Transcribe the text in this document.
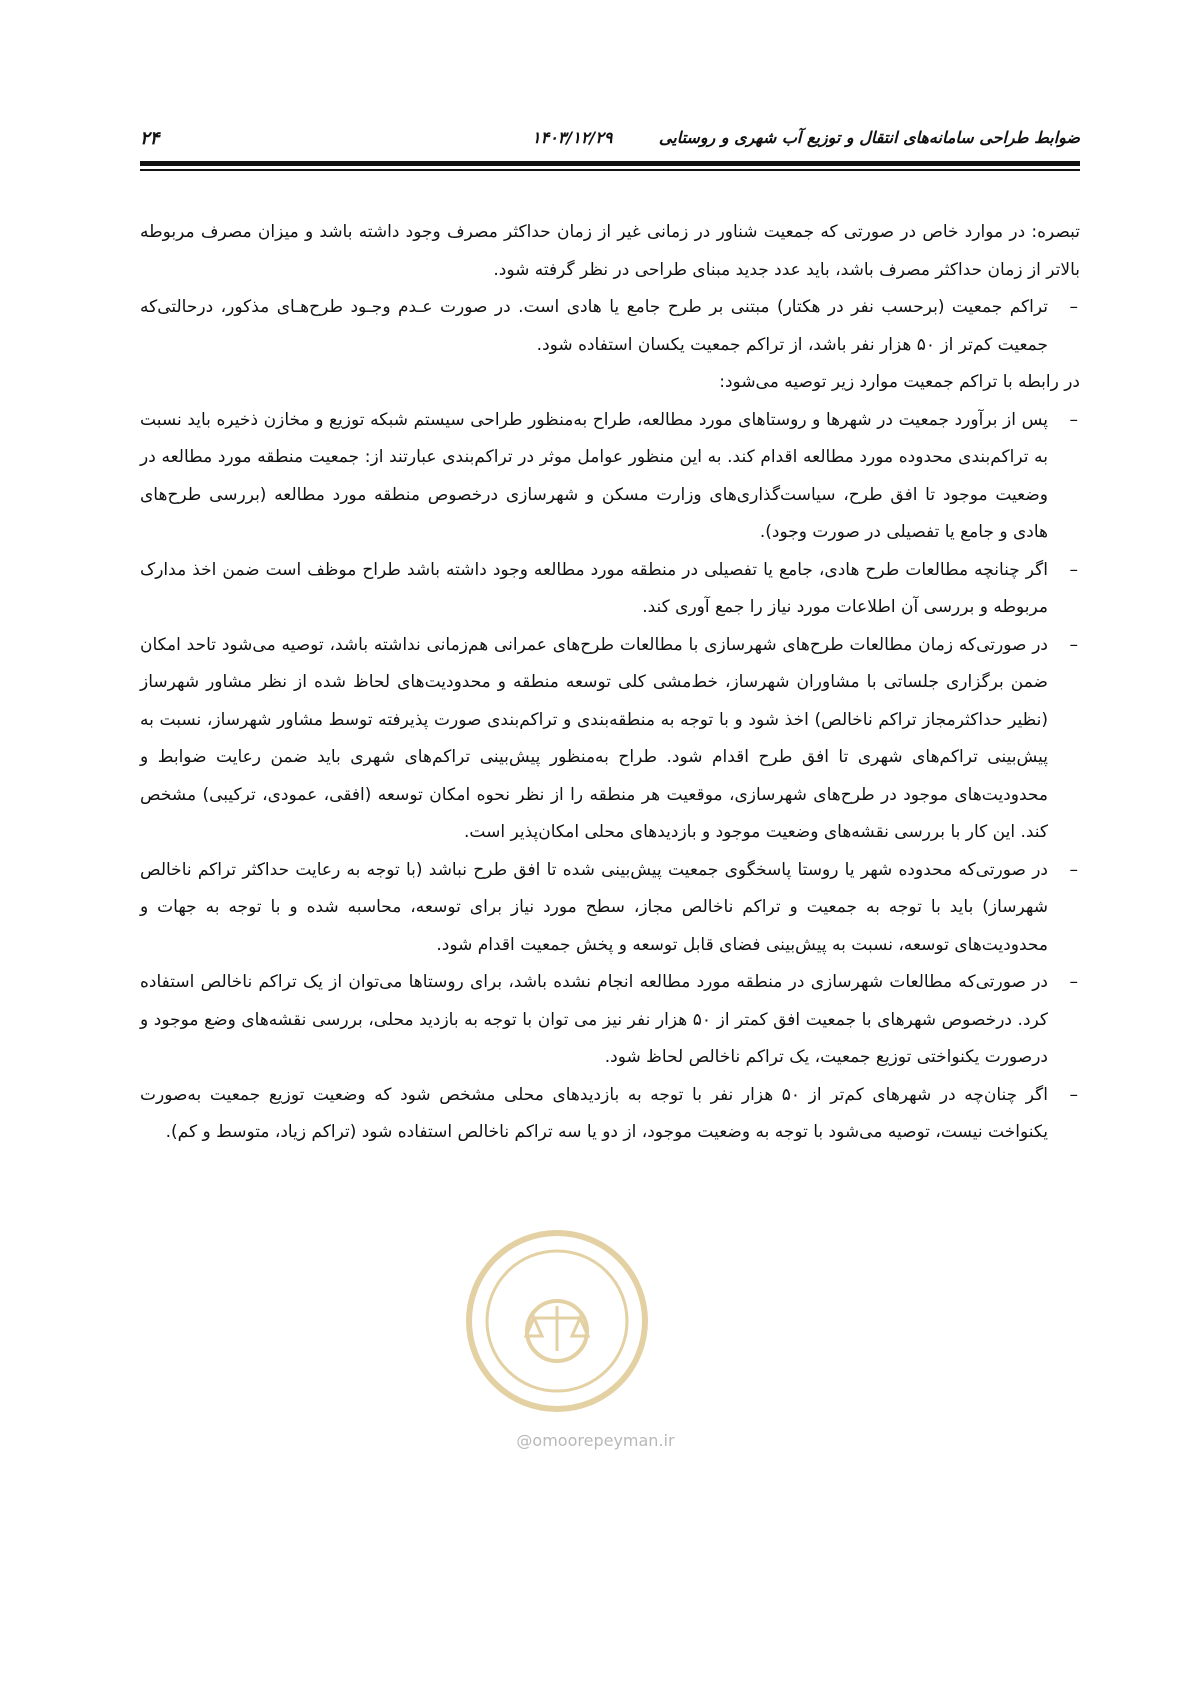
۲۴	۱۴۰۳/۱۲/۲۹	ضوابط طراحی سامانه‌های انتقال و توزیع آب شهری و روستایی

تبصره: در موارد خاص در صورتی که جمعیت شناور در زمانی غیر از زمان حداکثر مصرف وجود داشته باشد و میزان مصرف مربوطه بالاتر از زمان حداکثر مصرف باشد، باید عدد جدید مبنای طراحی در نظر گرفته شود.

–
تراکم جمعیت (برحسب نفر در هکتار) مبتنی بر طرح جامع یا هادی است. در صورت عـدم وجـود طرح‌هـای مذکور، درحالتی‌که جمعیت کم‌تر از ۵۰ هزار نفر باشد، از تراکم جمعیت یکسان استفاده شود.

در رابطه با تراکم جمعیت موارد زیر توصیه می‌شود:

–
پس از برآورد جمعیت در شهرها و روستاهای مورد مطالعه، طراح به‌منظور طراحی سیستم شبکه توزیع و مخازن ذخیره باید نسبت به تراکم‌بندی محدوده مورد مطالعه اقدام کند. به این منظور عوامل موثر در تراکم‌بندی عبارتند از: جمعیت منطقه مورد مطالعه در وضعیت موجود تا افق طرح، سیاست‌گذاری‌های وزارت مسکن و شهرسازی درخصوص منطقه مورد مطالعه (بررسی طرح‌های هادی و جامع یا تفصیلی در صورت وجود).
–
اگر چنانچه مطالعات طرح هادی، جامع یا تفصیلی در منطقه مورد مطالعه وجود داشته باشد طراح موظف است ضمن اخذ مدارک مربوطه و بررسی آن اطلاعات مورد نیاز را جمع آوری کند.
–
در صورتی‌که زمان مطالعات طرح‌های شهرسازی با مطالعات طرح‌های عمرانی هم‌زمانی نداشته باشد، توصیه می‌شود تاحد امکان ضمن برگزاری جلساتی با مشاوران شهرساز، خط‌مشی کلی توسعه منطقه و محدودیت‌های لحاظ شده از نظر مشاور شهرساز (نظیر حداکثرمجاز تراکم ناخالص) اخذ شود و با توجه به منطقه‌بندی و تراکم‌بندی صورت پذیرفته توسط مشاور شهرساز، نسبت به پیش‌بینی تراکم‌های شهری تا افق طرح اقدام شود. طراح به‌منظور پیش‌بینی تراکم‌های شهری باید ضمن رعایت ضوابط و محدودیت‌های موجود در طرح‌های شهرسازی، موقعیت هر منطقه را از نظر نحوه امکان توسعه (افقی، عمودی، ترکیبی) مشخص کند. این کار با بررسی نقشه‌های وضعیت موجود و بازدیدهای محلی امکان‌پذیر است.
–
در صورتی‌که محدوده شهر یا روستا پاسخگوی جمعیت پیش‌بینی شده تا افق طرح نباشد (با توجه به رعایت حداکثر تراکم ناخالص شهرساز) باید با توجه به جمعیت و تراکم ناخالص مجاز، سطح مورد نیاز برای توسعه، محاسبه شده و با توجه به جهات و محدودیت‌های توسعه، نسبت به پیش‌بینی فضای قابل توسعه و پخش جمعیت اقدام شود.
–
در صورتی‌که مطالعات شهرسازی در منطقه مورد مطالعه انجام نشده باشد، برای روستاها می‌توان از یک تراکم ناخالص استفاده کرد. درخصوص شهرهای با جمعیت افق کمتر از ۵۰ هزار نفر نیز می توان با توجه به بازدید محلی، بررسی نقشه‌های وضع موجود و درصورت یکنواختی توزیع جمعیت، یک تراکم ناخالص لحاظ شود.
–
اگر چنان‌چه در شهرهای کم‌تر از ۵۰ هزار نفر با توجه به بازدیدهای محلی مشخص شود که وضعیت توزیع جمعیت به‌صورت یکنواخت نیست، توصیه می‌شود با توجه به وضعیت موجود، از دو یا سه تراکم ناخالص استفاده شود (تراکم زیاد، متوسط و کم).
@omoorepeyman.ir
